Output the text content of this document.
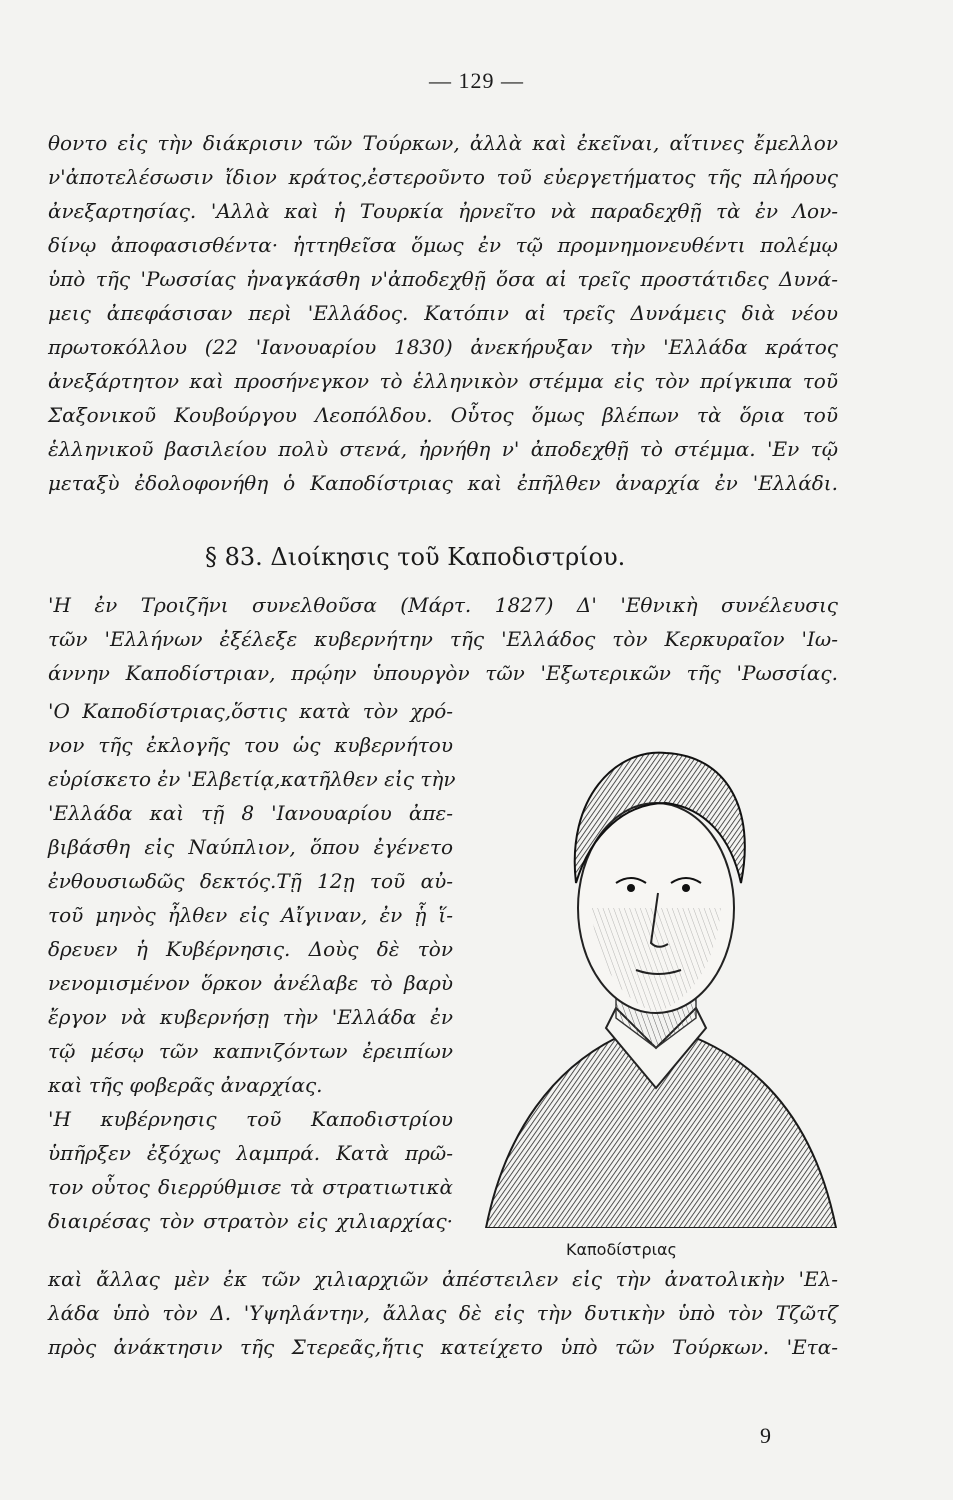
— 129 —
θοντο εἰς τὴν διάκρισιν τῶν Τούρκων, ἀλλὰ καὶ ἐκεῖναι, αἵτινες ἔμελλον
ν'ἀποτελέσωσιν ἴδιον κράτος,ἐστεροῦντο τοῦ εὐεργετήματος τῆς πλήρους
ἀνεξαρτησίας. 'Αλλὰ καὶ ἡ Τουρκία ἠρνεῖτο νὰ παραδεχθῇ τὰ ἐν Λον-
δίνῳ ἀποφασισθέντα· ἡττηθεῖσα ὅμως ἐν τῷ προμνημονευθέντι πολέμῳ
ὑπὸ τῆς 'Ρωσσίας ἠναγκάσθη ν'ἀποδεχθῇ ὅσα αἱ τρεῖς προστάτιδες Δυνά-
μεις ἀπεφάσισαν περὶ 'Ελλάδος. Κατόπιν αἱ τρεῖς Δυνάμεις διὰ νέου
πρωτοκόλλου (22 'Ιανουαρίου 1830) ἀνεκήρυξαν τὴν 'Ελλάδα κράτος
ἀνεξάρτητον καὶ προσήνεγκον τὸ ἑλληνικὸν στέμμα εἰς τὸν πρίγκιπα τοῦ
Σαξονικοῦ Κουβούργου Λεοπόλδου. Οὗτος ὅμως βλέπων τὰ ὅρια τοῦ
ἑλληνικοῦ βασιλείου πολὺ στενά, ἠρνήθη ν' ἀποδεχθῇ τὸ στέμμα. 'Εν τῷ
μεταξὺ ἐδολοφονήθη ὁ Καποδίστριας καὶ ἐπῆλθεν ἀναρχία ἐν 'Ελλάδι.
§ 83. Διοίκησις τοῦ Καποδιστρίου.
'Η ἐν Τροιζῆνι συνελθοῦσα (Μάρτ. 1827) Δ' 'Εθνικὴ συνέλευσις
τῶν 'Ελλήνων ἐξέλεξε κυβερνήτην τῆς 'Ελλάδος τὸν Κερκυραῖον 'Ιω-
άννην Καποδίστριαν, πρῴην ὑπουργὸν τῶν 'Εξωτερικῶν τῆς 'Ρωσσίας.
'Ο Καποδίστριας,ὅστις κατὰ τὸν χρό-
νον τῆς ἐκλογῆς του ὡς κυβερνήτου
εὑρίσκετο ἐν 'Ελβετίᾳ,κατῆλθεν εἰς τὴν
'Ελλάδα καὶ τῇ 8 'Ιανουαρίου ἀπε-
βιβάσθη εἰς Ναύπλιον, ὅπου ἐγένετο
ἐνθουσιωδῶς δεκτός.Τῇ 12ῃ τοῦ αὐ-
τοῦ μηνὸς ἦλθεν εἰς Αἴγιναν, ἐν ᾗ ἵ-
δρευεν ἡ Κυβέρνησις. Δοὺς δὲ τὸν
νενομισμένον ὅρκον ἀνέλαβε τὸ βαρὺ
ἔργον νὰ κυβερνήσῃ τὴν 'Ελλάδα ἐν
τῷ μέσῳ τῶν καπνιζόντων ἐρειπίων
καὶ τῆς φοβερᾶς ἀναρχίας.
'Η κυβέρνησις τοῦ Καποδιστρίου
ὑπῆρξεν ἐξόχως λαμπρά. Κατὰ πρῶ-
τον οὗτος διερρύθμισε τὰ στρατιωτικὰ
διαιρέσας τὸν στρατὸν εἰς χιλιαρχίας·
Καποδίστριας
καὶ ἄλλας μὲν ἐκ τῶν χιλιαρχιῶν ἀπέστειλεν εἰς τὴν ἀνατολικὴν 'Ελ-
λάδα ὑπὸ τὸν Δ. 'Υψηλάντην, ἄλλας δὲ εἰς τὴν δυτικὴν ὑπὸ τὸν Τζῶτζ
πρὸς ἀνάκτησιν τῆς Στερεᾶς,ἥτις κατείχετο ὑπὸ τῶν Τούρκων. 'Ετα-
9
